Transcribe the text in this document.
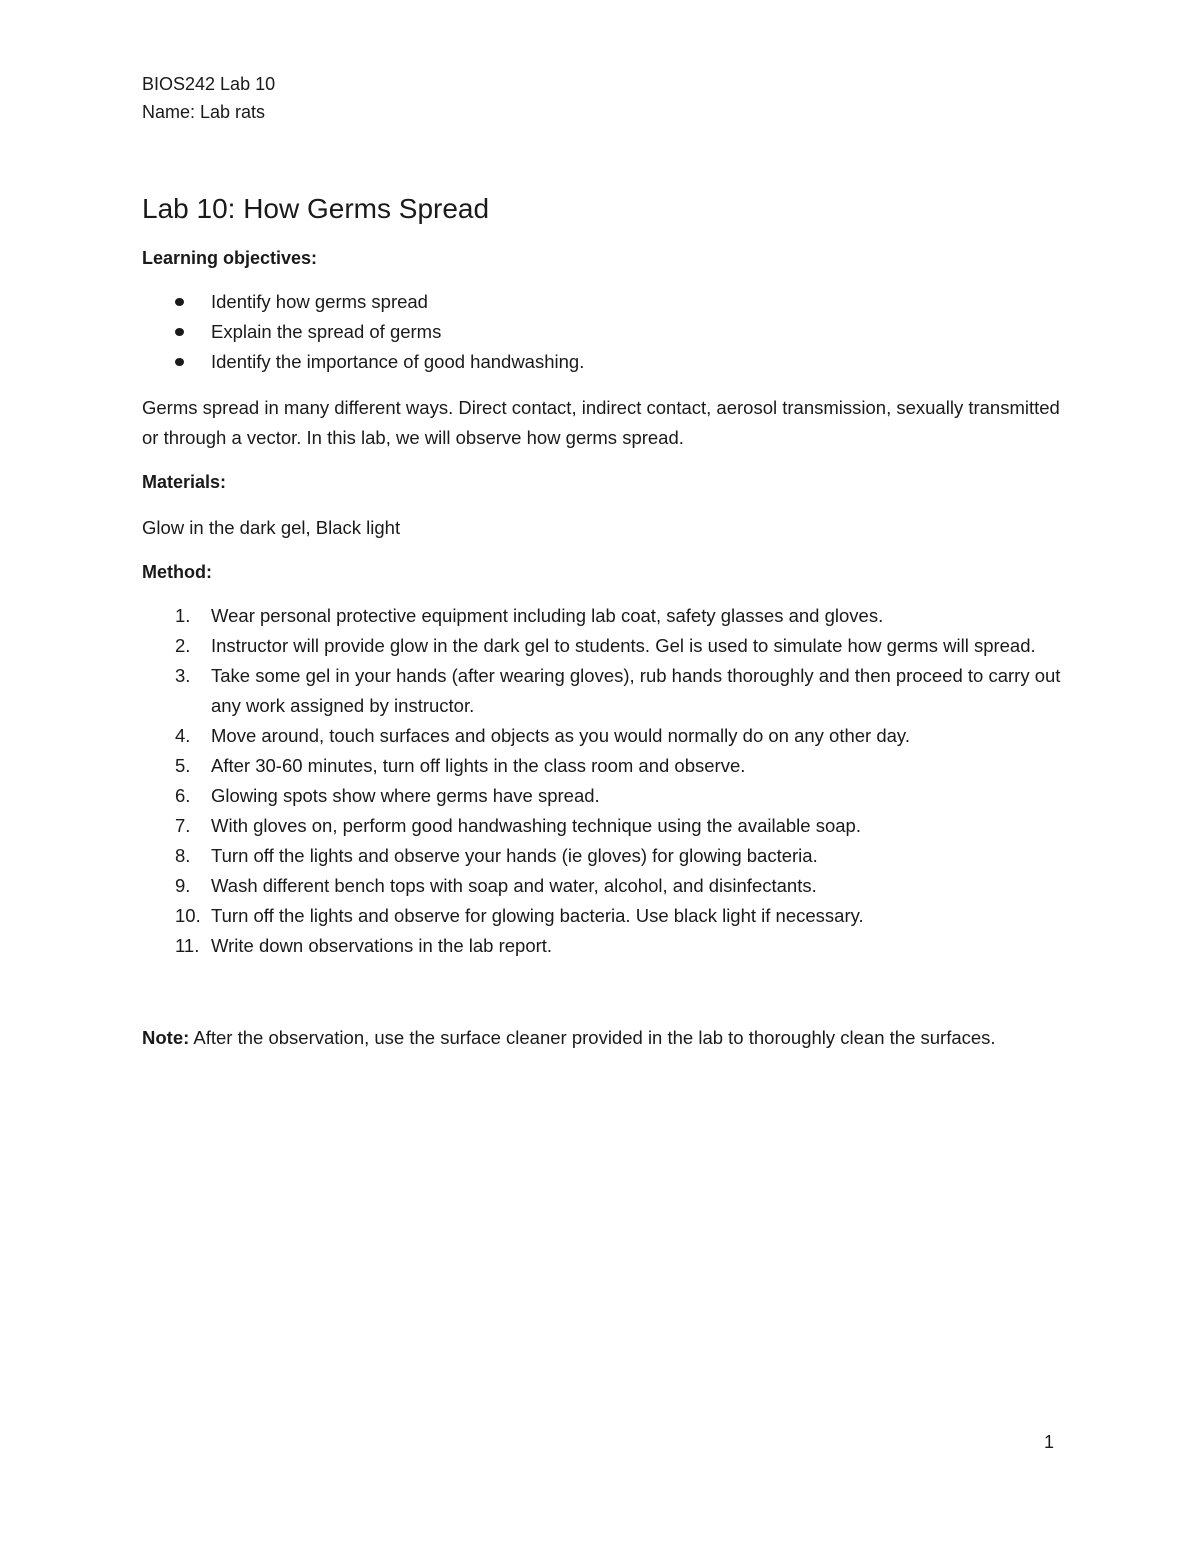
BIOS242 Lab 10

Name: Lab rats

Lab 10: How Germs Spread

Learning objectives:

Identify how germs spread
Explain the spread of germs
Identify the importance of good handwashing.

Germs spread in many different ways. Direct contact, indirect contact, aerosol transmission, sexually transmitted or through a vector. In this lab, we will observe how germs spread.

Materials:

Glow in the dark gel, Black light

Method:

1. Wear personal protective equipment including lab coat, safety glasses and gloves.
2. Instructor will provide glow in the dark gel to students. Gel is used to simulate how germs will spread.
3. Take some gel in your hands (after wearing gloves), rub hands thoroughly and then proceed to carry out any work assigned by instructor.
4. Move around, touch surfaces and objects as you would normally do on any other day.
5. After 30-60 minutes, turn off lights in the class room and observe.
6. Glowing spots show where germs have spread.
7. With gloves on, perform good handwashing technique using the available soap.
8. Turn off the lights and observe your hands (ie gloves) for glowing bacteria.
9. Wash different bench tops with soap and water, alcohol, and disinfectants.
10. Turn off the lights and observe for glowing bacteria. Use black light if necessary.
11. Write down observations in the lab report.

Note: After the observation, use the surface cleaner provided in the lab to thoroughly clean the surfaces.

1
